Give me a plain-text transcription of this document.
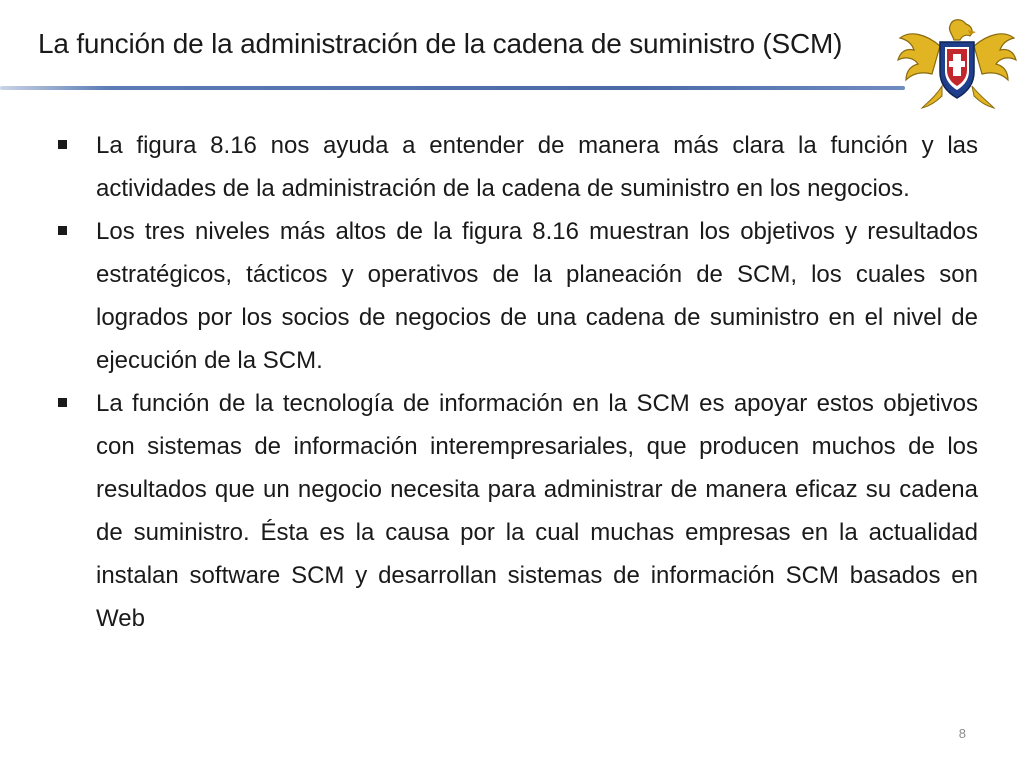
La función de la administración de la cadena de suministro (SCM)
La figura 8.16 nos ayuda a entender de manera más clara la función y las actividades de la administración de la cadena de suministro en los negocios.
Los tres niveles más altos de la figura 8.16 muestran los objetivos y resultados estratégicos, tácticos y operativos de la planeación de SCM, los cuales son logrados por los socios de negocios de una cadena de suministro en el nivel de ejecución de la SCM.
La función de la tecnología de información en la SCM es apoyar estos objetivos con sistemas de información interempresariales, que producen muchos de los resultados que un negocio necesita para administrar de manera eficaz su cadena de suministro. Ésta es la causa por la cual muchas empresas en la actualidad instalan software SCM y desarrollan sistemas de información SCM basados en Web
8
